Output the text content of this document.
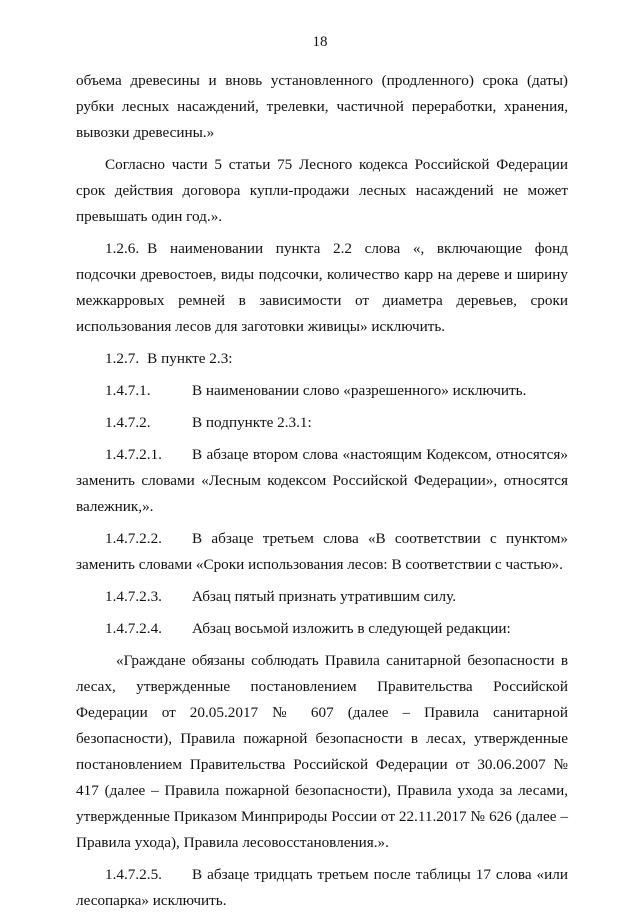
18

объема древесины и вновь установленного (продленного) срока (даты) рубки лесных насаждений, трелевки, частичной переработки, хранения, вывозки древесины.»

Согласно части 5 статьи 75 Лесного кодекса Российской Федерации срок действия договора купли-продажи лесных насаждений не может превышать один год.».

1.2.6. В наименовании пункта 2.2 слова «, включающие фонд подсочки древостоев, виды подсочки, количество карр на дереве и ширину межкарровых ремней в зависимости от диаметра деревьев, сроки использования лесов для заготовки живицы» исключить.

1.2.7. В пункте 2.3:

1.4.7.1.	В наименовании слово «разрешенного» исключить.

1.4.7.2.	В подпункте 2.3.1:

1.4.7.2.1. В абзаце втором слова «настоящим Кодексом, относятся» заменить словами «Лесным кодексом Российской Федерации», относятся валежник,».

1.4.7.2.2. В абзаце третьем слова «В соответствии с пунктом» заменить словами «Сроки использования лесов: В соответствии с частью».

1.4.7.2.3. Абзац пятый признать утратившим силу.

1.4.7.2.4. Абзац восьмой изложить в следующей редакции:

«Граждане обязаны соблюдать Правила санитарной безопасности в лесах, утвержденные постановлением Правительства Российской Федерации от 20.05.2017 № 607 (далее – Правила санитарной безопасности), Правила пожарной безопасности в лесах, утвержденные постановлением Правительства Российской Федерации от 30.06.2007 № 417 (далее – Правила пожарной безопасности), Правила ухода за лесами, утвержденные Приказом Минприроды России от 22.11.2017 № 626 (далее – Правила ухода), Правила лесовосстановления.».

1.4.7.2.5. В абзаце тридцать третьем после таблицы 17 слова «или лесопарка» исключить.
